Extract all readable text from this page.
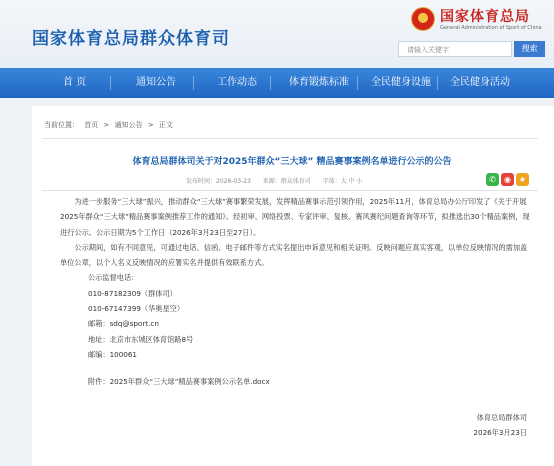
国家体育总局群众体育司
国家体育总局
General Administration of Sport of China
请输入关键字	搜索
首 页	通知公告	工作动态	体育锻炼标准 全民健身设施 全民健身活动
当前位置： 首页 > 通知公告 > 正文
体育总局群体司关于对2025年群众“三大球” 精品赛事案例名单进行公示的公告
发布时间：2026-03-23 来源：群众体育司 字体：大 中 小	✆	◉ ★

为进一步服务“三大球”振兴，推动群众“三大球”赛事繁荣发展，发挥精品赛事示范引领作用，2025年11月，体育总局办公厅印发了《关于开展2025年群众“三大球”精品赛事案例推荐工作的通知》。经初审、网络投票、专家评审、复核、赛风赛纪问题查询等环节，拟推选出30个精品案例，现进行公示。公示日期为5个工作日（2026年3月23日至27日）。

公示期间，如有不同意见，可通过电话、信函、电子邮件等方式实名提出申诉意见和相关证明。反映问题应真实客观，以单位反映情况的需加盖单位公章，以个人名义反映情况的应署实名并提供有效联系方式。

公示监督电话：

010-87182309（群体司）

010-67147399（华奥星空）

邮箱：sdq@sport.cn

地址：北京市东城区体育馆路8号

邮编：100061

附件：2025年群众“三大球”精品赛事案例公示名单.docx

体育总局群体司

2026年3月23日
